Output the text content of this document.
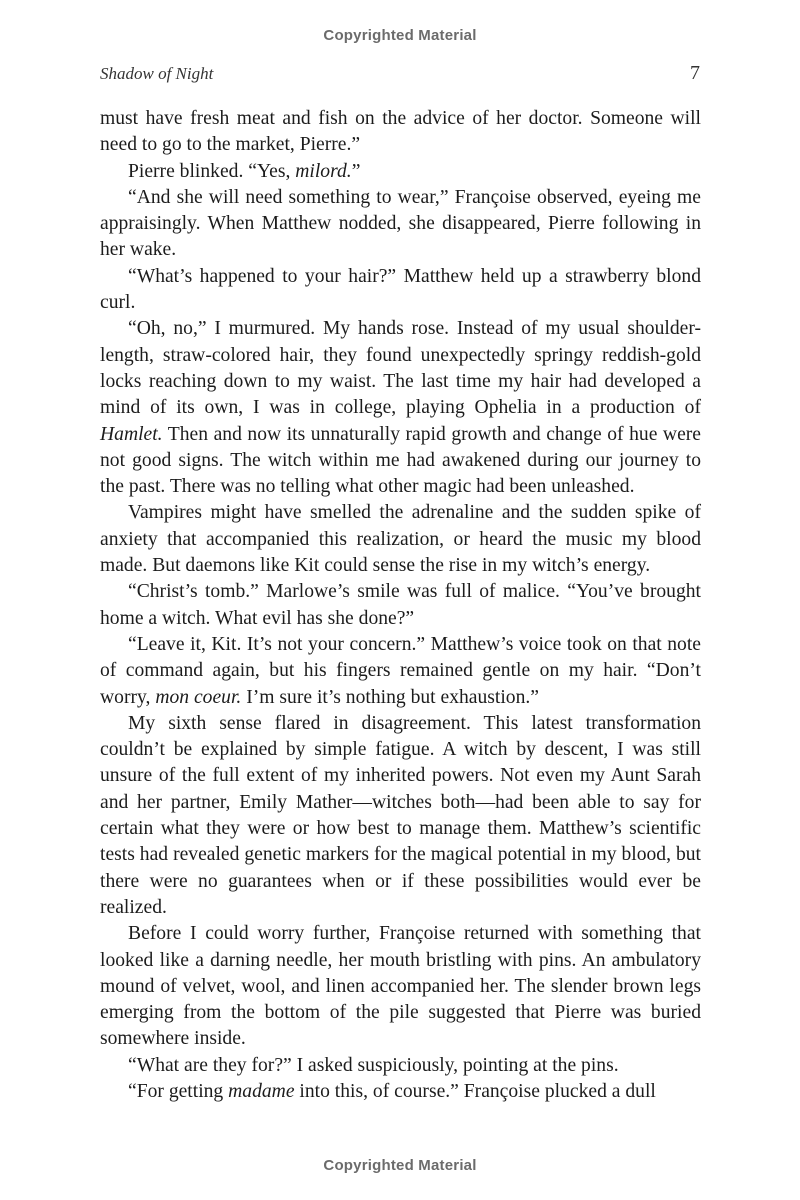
Copyrighted Material
Shadow of Night	7

must have fresh meat and fish on the advice of her doctor. Someone will need to go to the market, Pierre.”

Pierre blinked. “Yes, milord.”

“And she will need something to wear,” Françoise observed, eyeing me appraisingly. When Matthew nodded, she disappeared, Pierre following in her wake.

“What’s happened to your hair?” Matthew held up a strawberry blond curl.

“Oh, no,” I murmured. My hands rose. Instead of my usual shoulder-length, straw-colored hair, they found unexpectedly springy reddish-gold locks reaching down to my waist. The last time my hair had developed a mind of its own, I was in college, playing Ophelia in a production of Hamlet. Then and now its unnaturally rapid growth and change of hue were not good signs. The witch within me had awakened during our journey to the past. There was no telling what other magic had been unleashed.

Vampires might have smelled the adrenaline and the sudden spike of anxiety that accompanied this realization, or heard the music my blood made. But daemons like Kit could sense the rise in my witch’s energy.

“Christ’s tomb.” Marlowe’s smile was full of malice. “You’ve brought home a witch. What evil has she done?”

“Leave it, Kit. It’s not your concern.” Matthew’s voice took on that note of command again, but his fingers remained gentle on my hair. “Don’t worry, mon coeur. I’m sure it’s nothing but exhaustion.”

My sixth sense flared in disagreement. This latest transformation couldn’t be explained by simple fatigue. A witch by descent, I was still unsure of the full extent of my inherited powers. Not even my Aunt Sarah and her partner, Emily Mather—witches both—had been able to say for certain what they were or how best to manage them. Matthew’s scientific tests had revealed genetic markers for the magical potential in my blood, but there were no guarantees when or if these possibilities would ever be realized.

Before I could worry further, Françoise returned with something that looked like a darning needle, her mouth bristling with pins. An ambulatory mound of velvet, wool, and linen accompanied her. The slender brown legs emerging from the bottom of the pile suggested that Pierre was buried somewhere inside.

“What are they for?” I asked suspiciously, pointing at the pins.

“For getting madame into this, of course.” Françoise plucked a dull

Copyrighted Material
